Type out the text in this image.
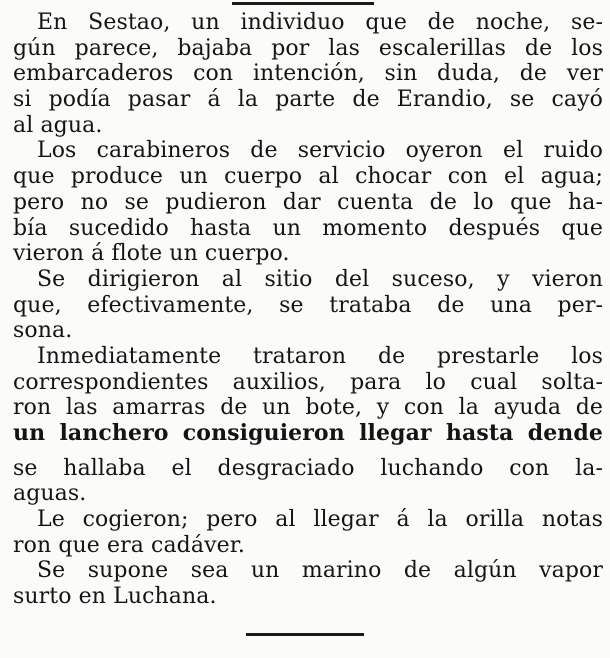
En Sestao, un individuo que de noche, se-
gún parece, bajaba por las escalerillas de los
embarcaderos con intención, sin duda, de ver
si podía pasar á la parte de Erandio, se cayó
al agua.
Los carabineros de servicio oyeron el ruido
que produce un cuerpo al chocar con el agua;
pero no se pudieron dar cuenta de lo que ha-
bía sucedido hasta un momento después que
vieron á flote un cuerpo.
Se dirigieron al sitio del suceso, y vieron
que, efectivamente, se trataba de una per-
sona.
Inmediatamente trataron de prestarle los
correspondientes auxilios, para lo cual solta-
ron las amarras de un bote, y con la ayuda de
un lanchero consiguieron llegar hasta dende
se hallaba el desgraciado luchando con la-
aguas.
Le cogieron; pero al llegar á la orilla notas
ron que era cadáver.
Se supone sea un marino de algún vapor
surto en Luchana.
